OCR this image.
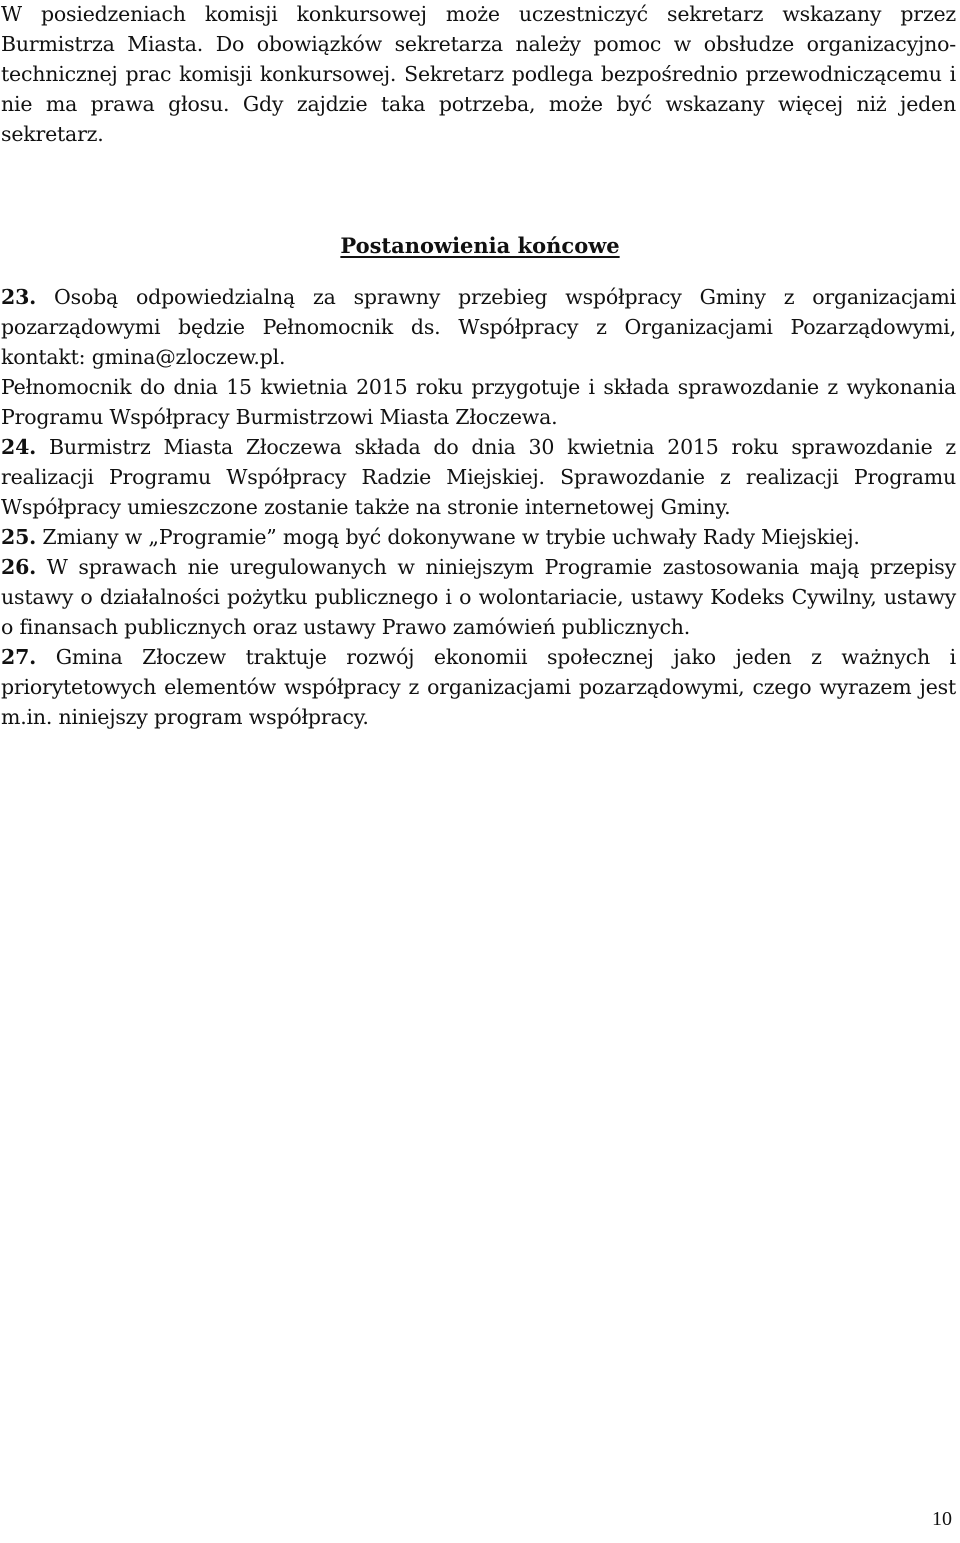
W posiedzeniach komisji konkursowej może uczestniczyć sekretarz wskazany przez Burmistrza Miasta. Do obowiązków sekretarza należy pomoc w obsłudze organizacyjno-technicznej prac komisji konkursowej. Sekretarz podlega bezpośrednio przewodniczącemu i nie ma prawa głosu. Gdy zajdzie taka potrzeba, może być wskazany więcej niż jeden sekretarz.

Postanowienia końcowe

23. Osobą odpowiedzialną za sprawny przebieg współpracy Gminy z organizacjami pozarządowymi będzie Pełnomocnik ds. Współpracy z Organizacjami Pozarządowymi, kontakt: gmina@zloczew.pl.

Pełnomocnik do dnia 15 kwietnia 2015 roku przygotuje i składa sprawozdanie z wykonania Programu Współpracy Burmistrzowi Miasta Złoczewa.

24. Burmistrz Miasta Złoczewa składa do dnia 30 kwietnia 2015 roku sprawozdanie z realizacji Programu Współpracy Radzie Miejskiej. Sprawozdanie z realizacji Programu Współpracy umieszczone zostanie także na stronie internetowej Gminy.

25. Zmiany w „Programie” mogą być dokonywane w trybie uchwały Rady Miejskiej.

26. W sprawach nie uregulowanych w niniejszym Programie zastosowania mają przepisy ustawy o działalności pożytku publicznego i o wolontariacie, ustawy Kodeks Cywilny, ustawy o finansach publicznych oraz ustawy Prawo zamówień publicznych.

27. Gmina Złoczew traktuje rozwój ekonomii społecznej jako jeden z ważnych i priorytetowych elementów współpracy z organizacjami pozarządowymi, czego wyrazem jest m.in. niniejszy program współpracy.

10
